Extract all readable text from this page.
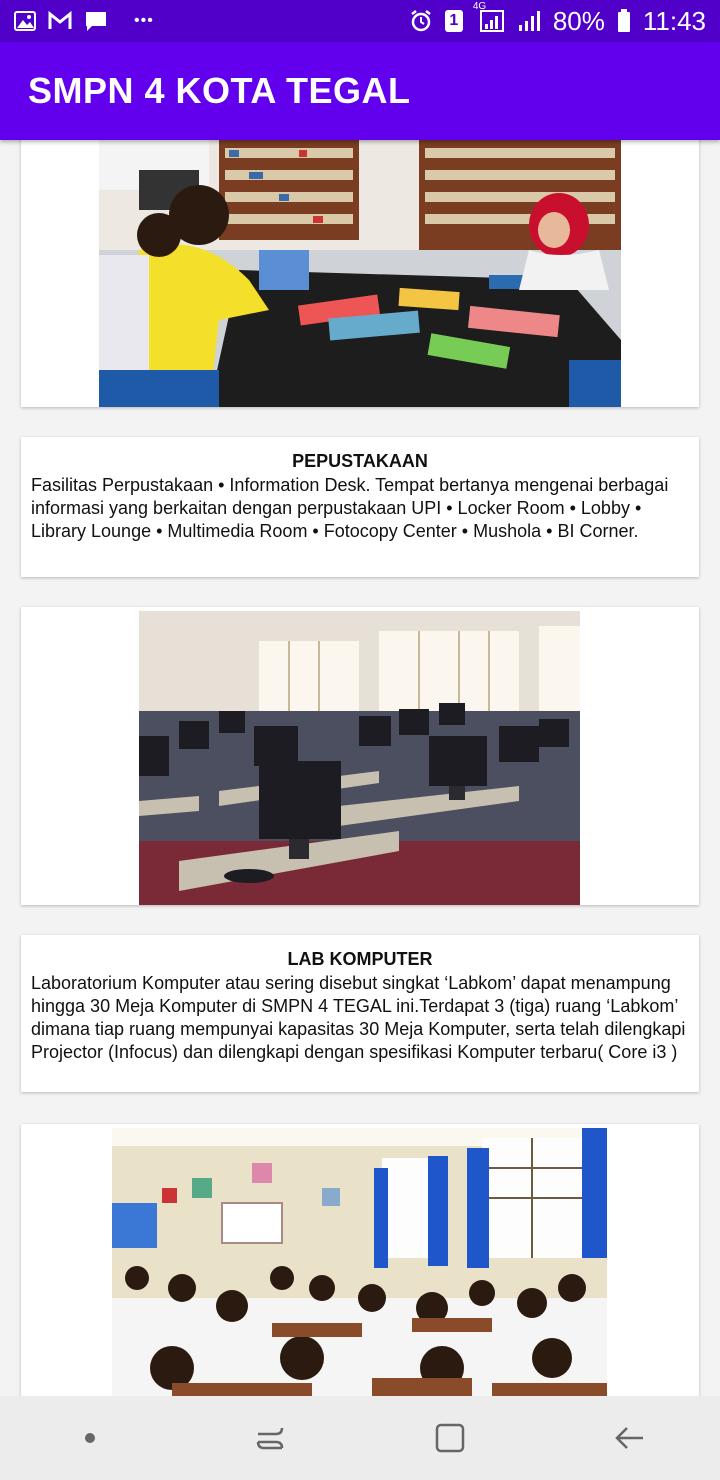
•••	1
4G	80% 11:43
SMPN 4 KOTA TEGAL
PEPUSTAKAAN
Fasilitas Perpustakaan • Information Desk. Tempat bertanya mengenai berbagai informasi yang berkaitan dengan perpustakaan UPI • Locker Room • Lobby • Library Lounge • Multimedia Room • Fotocopy Center • Mushola • BI Corner.
LAB KOMPUTER
Laboratorium Komputer atau sering disebut singkat ‘Labkom’ dapat menampung hingga 30 Meja Komputer di SMPN 4 TEGAL ini.Terdapat 3 (tiga) ruang ‘Labkom’ dimana tiap ruang mempunyai kapasitas 30 Meja Komputer, serta telah dilengkapi Projector (Infocus) dan dilengkapi dengan spesifikasi Komputer terbaru( Core i3 )
